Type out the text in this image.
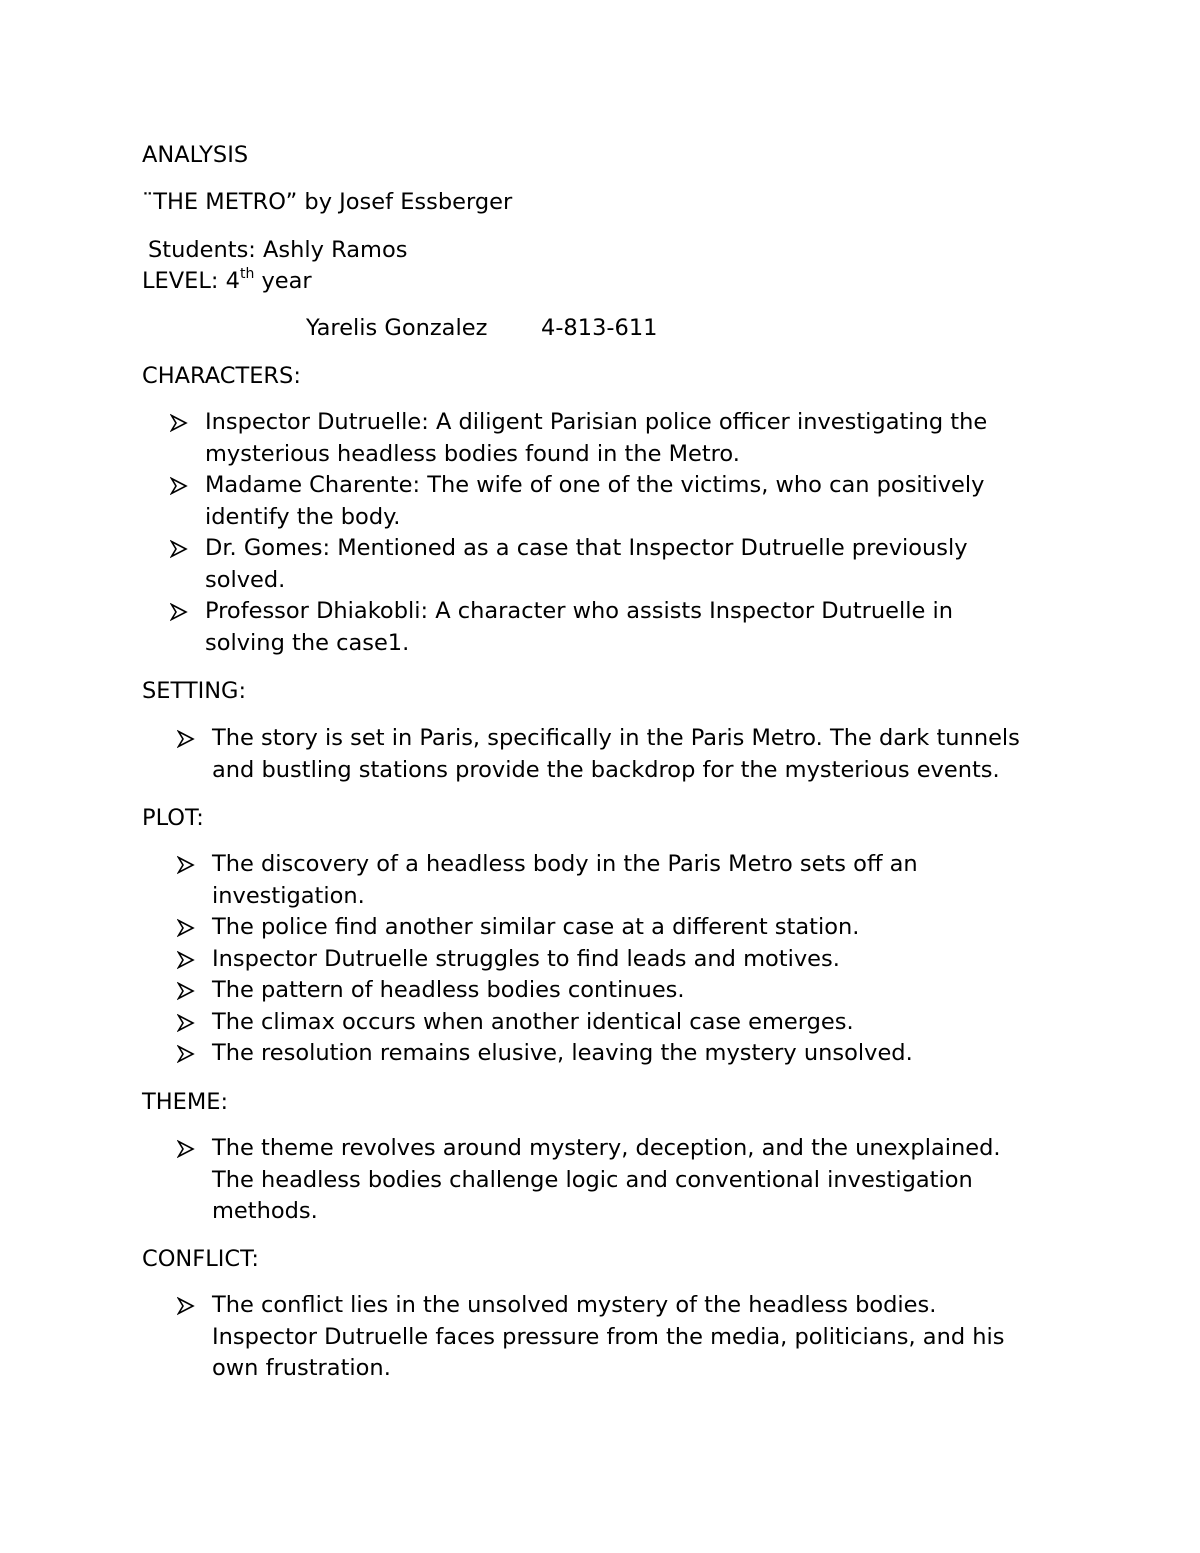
ANALYSIS
¨THE METRO” by Josef Essberger
Students: Ashly Ramos
LEVEL: 4th year
Yarelis Gonzalez 4-813-611
CHARACTERS:
Inspector Dutruelle: A diligent Parisian police officer investigating the
mysterious headless bodies found in the Metro.
Madame Charente: The wife of one of the victims, who can positively
identify the body.
Dr. Gomes: Mentioned as a case that Inspector Dutruelle previously
solved.
Professor Dhiakobli: A character who assists Inspector Dutruelle in
solving the case1.
SETTING:
The story is set in Paris, specifically in the Paris Metro. The dark tunnels
and bustling stations provide the backdrop for the mysterious events.
PLOT:
The discovery of a headless body in the Paris Metro sets off an
investigation.
The police find another similar case at a different station.
Inspector Dutruelle struggles to find leads and motives.
The pattern of headless bodies continues.
The climax occurs when another identical case emerges.
The resolution remains elusive, leaving the mystery unsolved.
THEME:
The theme revolves around mystery, deception, and the unexplained.
The headless bodies challenge logic and conventional investigation
methods.
CONFLICT:
The conflict lies in the unsolved mystery of the headless bodies.
Inspector Dutruelle faces pressure from the media, politicians, and his
own frustration.
